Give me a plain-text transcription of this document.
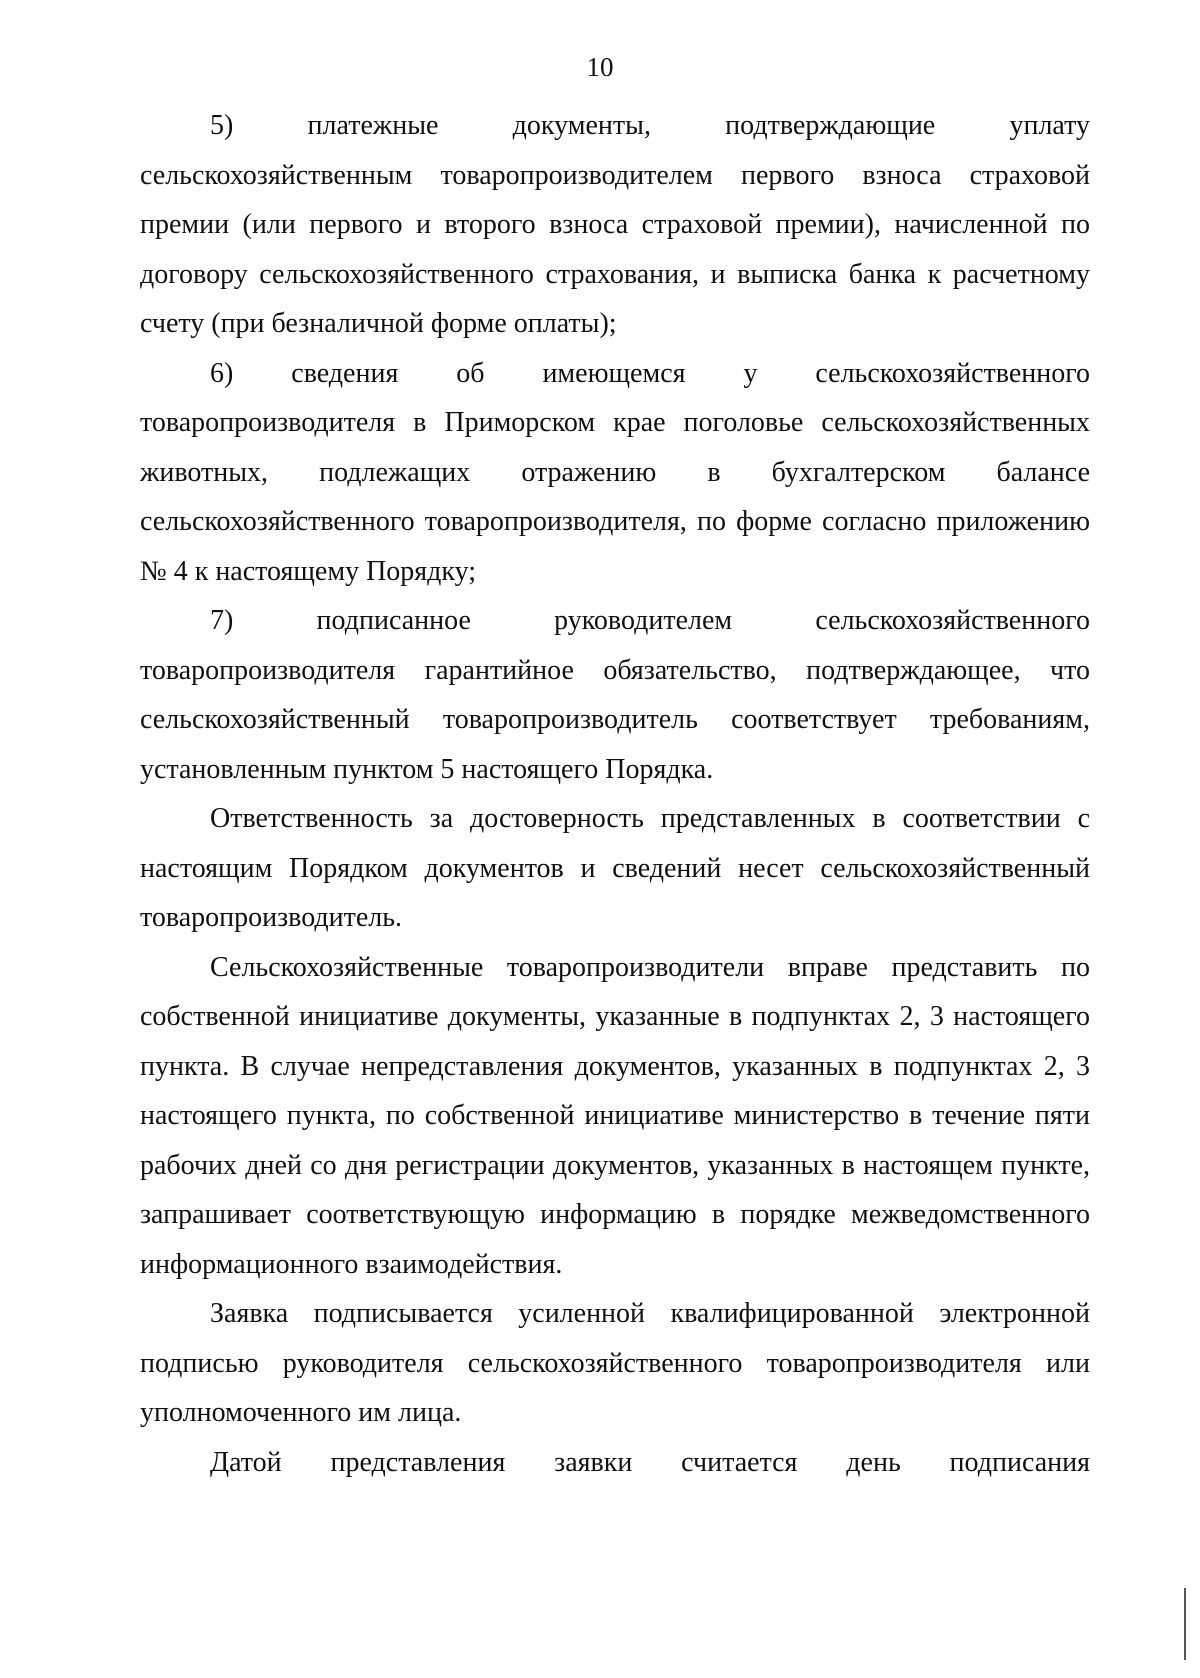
10

5) платежные документы, подтверждающие уплату сельскохозяйственным товаропроизводителем первого взноса страховой премии (или первого и второго взноса страховой премии), начисленной по договору сельскохозяйственного страхования, и выписка банка к расчетному счету (при безналичной форме оплаты);

6) сведения об имеющемся у сельскохозяйственного товаропроизводителя в Приморском крае поголовье сельскохозяйственных животных, подлежащих отражению в бухгалтерском балансе сельскохозяйственного товаропроизводителя, по форме согласно приложению № 4 к настоящему Порядку;

7) подписанное руководителем сельскохозяйственного товаропроизводителя гарантийное обязательство, подтверждающее, что сельскохозяйственный товаропроизводитель соответствует требованиям, установленным пунктом 5 настоящего Порядка.

Ответственность за достоверность представленных в соответствии с настоящим Порядком документов и сведений несет сельскохозяйственный товаропроизводитель.

Сельскохозяйственные товаропроизводители вправе представить по собственной инициативе документы, указанные в подпунктах 2, 3 настоящего пункта. В случае непредставления документов, указанных в подпунктах 2, 3 настоящего пункта, по собственной инициативе министерство в течение пяти рабочих дней со дня регистрации документов, указанных в настоящем пункте, запрашивает соответствующую информацию в порядке межведомственного информационного взаимодействия.

Заявка подписывается усиленной квалифицированной электронной подписью руководителя сельскохозяйственного товаропроизводителя или уполномоченного им лица.

Датой представления заявки считается день подписания
